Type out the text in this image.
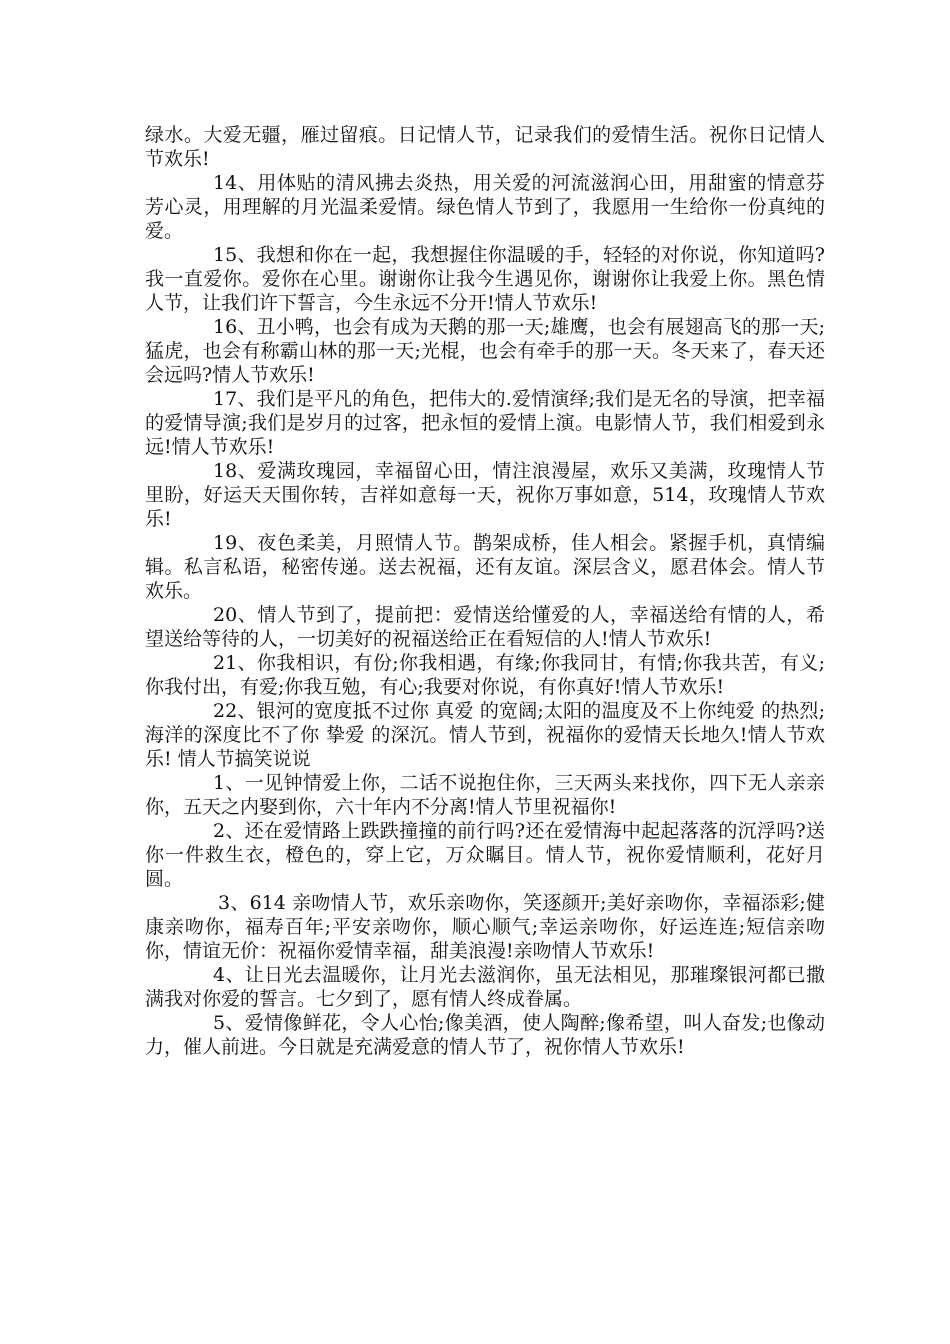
绿水。大爱无疆，雁过留痕。日记情人节，记录我们的爱情生活。祝你日记情人节欢乐!

14、用体贴的清风拂去炎热，用关爱的河流滋润心田，用甜蜜的情意芬芳心灵，用理解的月光温柔爱情。绿色情人节到了，我愿用一生给你一份真纯的爱。

15、我想和你在一起，我想握住你温暖的手，轻轻的对你说，你知道吗?我一直爱你。爱你在心里。谢谢你让我今生遇见你，谢谢你让我爱上你。黑色情人节，让我们许下誓言，今生永远不分开!情人节欢乐!

16、丑小鸭，也会有成为天鹅的那一天;雄鹰，也会有展翅高飞的那一天;猛虎，也会有称霸山林的那一天;光棍，也会有牵手的那一天。冬天来了，春天还会远吗?情人节欢乐!

17、我们是平凡的角色，把伟大的.爱情演绎;我们是无名的导演，把幸福的爱情导演;我们是岁月的过客，把永恒的爱情上演。电影情人节，我们相爱到永远!情人节欢乐!

18、爱满玫瑰园，幸福留心田，情注浪漫屋，欢乐又美满，玫瑰情人节里盼，好运天天围你转，吉祥如意每一天，祝你万事如意，514，玫瑰情人节欢乐!

19、夜色柔美，月照情人节。鹊架成桥，佳人相会。紧握手机，真情编辑。私言私语，秘密传递。送去祝福，还有友谊。深层含义，愿君体会。情人节欢乐。

20、情人节到了，提前把：爱情送给懂爱的人，幸福送给有情的人，希望送给等待的人，一切美好的祝福送给正在看短信的人!情人节欢乐!

21、你我相识，有份;你我相遇，有缘;你我同甘，有情;你我共苦，有义;你我付出，有爱;你我互勉，有心;我要对你说，有你真好!情人节欢乐!

22、银河的宽度抵不过你 真爱 的宽阔;太阳的温度及不上你纯爱 的热烈;海洋的深度比不了你 挚爱 的深沉。情人节到，祝福你的爱情天长地久!情人节欢乐! 情人节搞笑说说

1、一见钟情爱上你，二话不说抱住你，三天两头来找你，四下无人亲亲你，五天之内娶到你，六十年内不分离!情人节里祝福你!

2、还在爱情路上跌跌撞撞的前行吗?还在爱情海中起起落落的沉浮吗?送你一件救生衣，橙色的，穿上它，万众瞩目。情人节，祝你爱情顺利，花好月圆。

3、614 亲吻情人节，欢乐亲吻你，笑逐颜开;美好亲吻你，幸福添彩;健康亲吻你，福寿百年;平安亲吻你，顺心顺气;幸运亲吻你，好运连连;短信亲吻你，情谊无价：祝福你爱情幸福，甜美浪漫!亲吻情人节欢乐!

4、让日光去温暖你，让月光去滋润你，虽无法相见，那璀璨银河都已撒满我对你爱的誓言。七夕到了，愿有情人终成眷属。

5、爱情像鲜花，令人心怡;像美酒，使人陶醉;像希望，叫人奋发;也像动力，催人前进。今日就是充满爱意的情人节了，祝你情人节欢乐!
